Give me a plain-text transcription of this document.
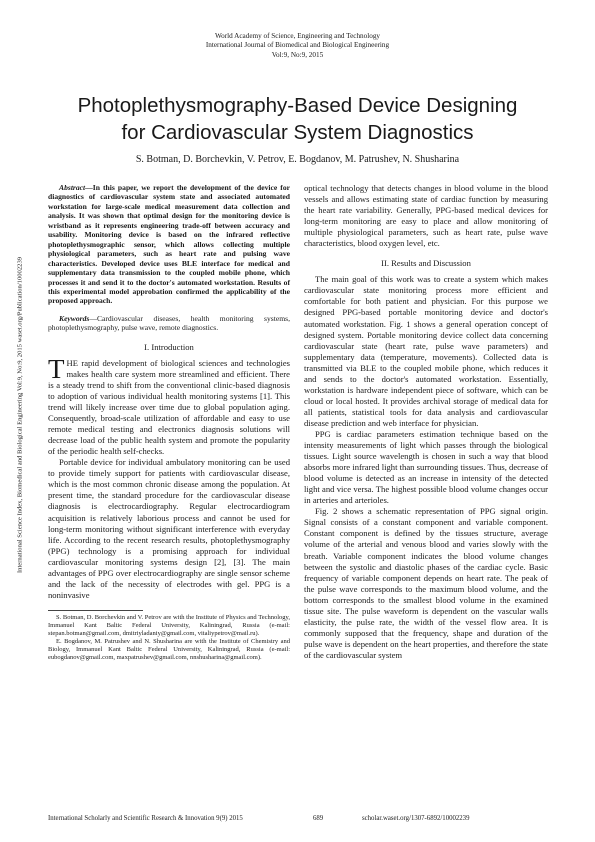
World Academy of Science, Engineering and Technology
International Journal of Biomedical and Biological Engineering
Vol:9, No:9, 2015
Photoplethysmography-Based Device Designing
for Cardiovascular System Diagnostics
S. Botman, D. Borchevkin, V. Petrov, E. Bogdanov, M. Patrushev, N. Shusharina
International Science Index, Biomedical and Biological Engineering Vol:9, No:9, 2015 waset.org/Publication/10002239

Abstract—In this paper, we report the development of the device for diagnostics of cardiovascular system state and associated automated workstation for large-scale medical measurement data collection and analysis. It was shown that optimal design for the monitoring device is wristband as it represents engineering trade-off between accuracy and usability. Monitoring device is based on the infrared reflective photoplethysmographic sensor, which allows collecting multiple physiological parameters, such as heart rate and pulsing wave characteristics. Developed device uses BLE interface for medical and supplementary data transmission to the coupled mobile phone, which processes it and send it to the doctor's automated workstation. Results of this experimental model approbation confirmed the applicability of the proposed approach.

Keywords—Cardiovascular diseases, health monitoring systems, photoplethysmography, pulse wave, remote diagnostics.

I. Introduction

THE rapid development of biological sciences and technologies makes health care system more streamlined and efficient. There is a steady trend to shift from the conventional clinic-based diagnosis to adoption of various individual health monitoring systems [1]. This trend will likely increase over time due to global population aging. Consequently, broad-scale utilization of affordable and easy to use remote medical testing and electronics diagnosis solutions will decrease load of the public health system and promote the popularity of the periodic health self-checks.

Portable device for individual ambulatory monitoring can be used to provide timely support for patients with cardiovascular disease, which is the most common chronic disease among the population. At present time, the standard procedure for the cardiovascular disease diagnosis is electrocardiography. Regular electrocardiogram acquisition is relatively laborious process and cannot be used for long-term monitoring without significant interference with everyday life. According to the recent research results, photoplethysmography (PPG) technology is a promising approach for individual cardiovascular monitoring systems design [2], [3]. The main advantages of PPG over electrocardiography are single sensor scheme and the lack of the necessity of electrodes with gel. PPG is a noninvasive

S. Botman, D. Borchevkin and V. Petrov are with the Institute of Physics and Technology, Immanuel Kant Baltic Federal University, Kaliningrad, Russia (e-mail: stepan.botman@gmail.com, dmitriyladaniy@gmail.com, vitaliypetrov@mail.ru).

E. Bogdanov, M. Patrushev and N. Shusharina are with the Institute of Chemistry and Biology, Immanuel Kant Baltic Federal University, Kaliningrad, Russia (e-mail: eubogdanov@gmail.com, maxpatrushev@gmail.com, nnshusharina@gmail.com).

optical technology that detects changes in blood volume in the blood vessels and allows estimating state of cardiac function by measuring the heart rate variability. Generally, PPG-based medical devices for long-term monitoring are easy to place and allow monitoring of multiple physiological parameters, such as heart rate, pulse wave characteristics, blood oxygen level, etc.

II. Results and Discussion

The main goal of this work was to create a system which makes cardiovascular state monitoring process more efficient and comfortable for both patient and physician. For this purpose we designed PPG-based portable monitoring device and doctor's automated workstation. Fig. 1 shows a general operation concept of designed system. Portable monitoring device collect data concerning cardiovascular state (heart rate, pulse wave parameters) and supplementary data (temperature, movements). Collected data is transmitted via BLE to the coupled mobile phone, which reduces it and sends to the doctor's automated workstation. Essentially, workstation is hardware independent piece of software, which can be cloud or local hosted. It provides archival storage of medical data for all patients, statistical tools for data analysis and cardiovascular disease prediction and web interface for physician.

PPG is cardiac parameters estimation technique based on the intensity measurements of light which passes through the biological tissues. Light source wavelength is chosen in such a way that blood absorbs more infrared light than surrounding tissues. Thus, decrease of blood volume is detected as an increase in intensity of the detected light and vice versa. The highest possible blood volume changes occur in arteries and arterioles.

Fig. 2 shows a schematic representation of PPG signal origin. Signal consists of a constant component and variable component. Constant component is defined by the tissues structure, average volume of the arterial and venous blood and varies slowly with the breath. Variable component indicates the blood volume changes between the systolic and diastolic phases of the cardiac cycle. Basic frequency of variable component depends on heart rate. The peak of the pulse wave corresponds to the maximum blood volume, and the bottom corresponds to the smallest blood volume in the examined tissue site. The pulse waveform is dependent on the vascular walls elasticity, the pulse rate, the width of the vessel flow area. It is commonly supposed that the frequency, shape and duration of the pulse wave is dependent on the heart properties, and therefore the state of the cardiovascular system

International Scholarly and Scientific Research & Innovation 9(9) 2015	689	scholar.waset.org/1307-6892/10002239
